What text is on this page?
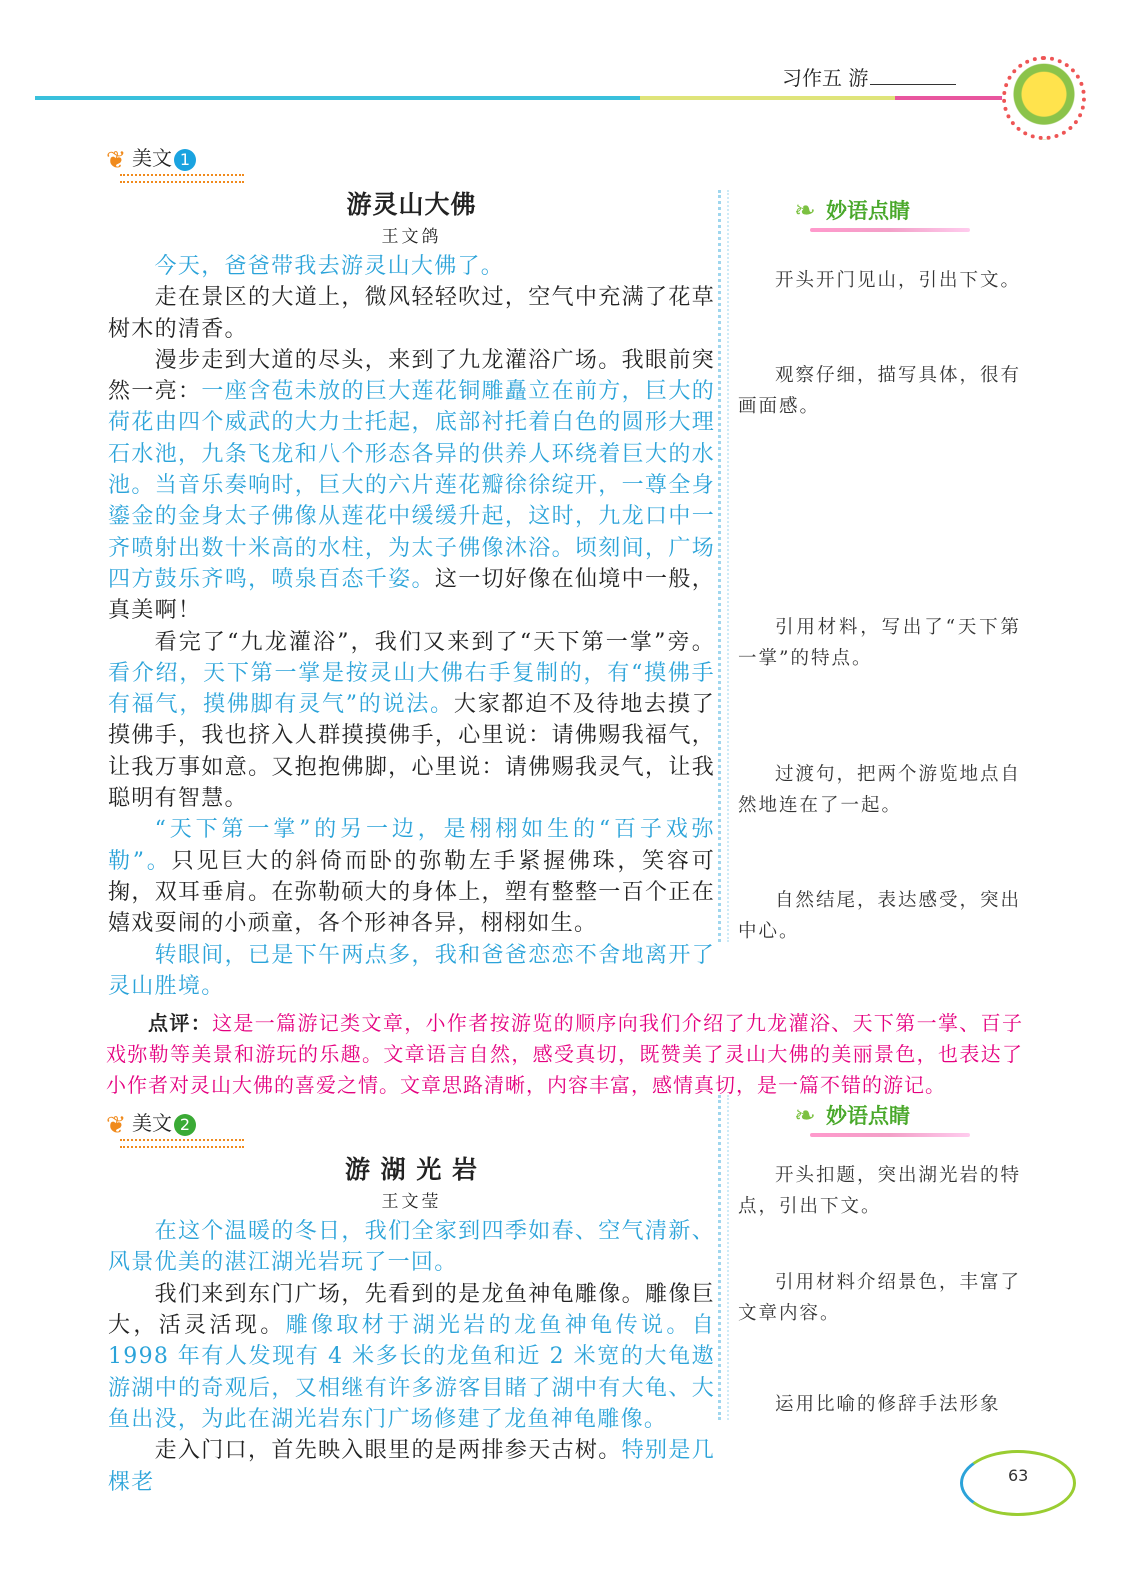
习作五 游
❦ 美文 1
游灵山大佛
王文鸽

今天，爸爸带我去游灵山大佛了。

走在景区的大道上，微风轻轻吹过，空气中充满了花草树木的清香。

漫步走到大道的尽头，来到了九龙灌浴广场。我眼前突然一亮：一座含苞未放的巨大莲花铜雕矗立在前方，巨大的荷花由四个威武的大力士托起，底部衬托着白色的圆形大理石水池，九条飞龙和八个形态各异的供养人环绕着巨大的水池。当音乐奏响时，巨大的六片莲花瓣徐徐绽开，一尊全身鎏金的金身太子佛像从莲花中缓缓升起，这时，九龙口中一齐喷射出数十米高的水柱，为太子佛像沐浴。顷刻间，广场四方鼓乐齐鸣，喷泉百态千姿。这一切好像在仙境中一般，真美啊！

看完了“九龙灌浴”，我们又来到了“天下第一掌”旁。看介绍，天下第一掌是按灵山大佛右手复制的，有“摸佛手有福气，摸佛脚有灵气”的说法。大家都迫不及待地去摸了摸佛手，我也挤入人群摸摸佛手，心里说：请佛赐我福气，让我万事如意。又抱抱佛脚，心里说：请佛赐我灵气，让我聪明有智慧。

“天下第一掌”的另一边，是栩栩如生的“百子戏弥勒”。只见巨大的斜倚而卧的弥勒左手紧握佛珠，笑容可掬，双耳垂肩。在弥勒硕大的身体上，塑有整整一百个正在嬉戏耍闹的小顽童，各个形神各异，栩栩如生。

转眼间，已是下午两点多，我和爸爸恋恋不舍地离开了灵山胜境。

点评：这是一篇游记类文章，小作者按游览的顺序向我们介绍了九龙灌浴、天下第一掌、百子戏弥勒等美景和游玩的乐趣。文章语言自然，感受真切，既赞美了灵山大佛的美丽景色，也表达了小作者对灵山大佛的喜爱之情。文章思路清晰，内容丰富，感情真切，是一篇不错的游记。
❦ 美文 2
游 湖 光 岩
王文莹

在这个温暖的冬日，我们全家到四季如春、空气清新、风景优美的湛江湖光岩玩了一回。

我们来到东门广场，先看到的是龙鱼神龟雕像。雕像巨大，活灵活现。雕像取材于湖光岩的龙鱼神龟传说。自 1998 年有人发现有 4 米多长的龙鱼和近 2 米宽的大龟遨游湖中的奇观后，又相继有许多游客目睹了湖中有大龟、大鱼出没，为此在湖光岩东门广场修建了龙鱼神龟雕像。

走入门口，首先映入眼里的是两排参天古树。特别是几棵老

❧ 妙语点睛
开头开门见山，引出下文。
观察仔细，描写具体，很有画面感。
引用材料，写出了“天下第一掌”的特点。
过渡句，把两个游览地点自然地连在了一起。
自然结尾，表达感受，突出中心。
❧ 妙语点睛
开头扣题，突出湖光岩的特点，引出下文。
引用材料介绍景色，丰富了文章内容。
运用比喻的修辞手法形象
63
